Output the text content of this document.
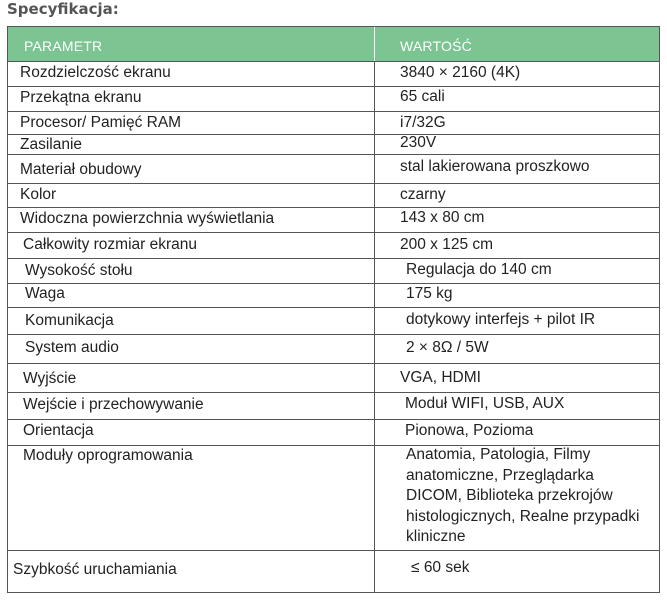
Specyfikacja:
PARAMETR	WARTOŚĆ
Rozdzielczość ekranu	3840 × 2160 (4K)
Przekątna ekranu	65 cali
Procesor/ Pamięć RAM	i7/32G
Zasilanie	230V
Materiał obudowy	stal lakierowana proszkowo
Kolor	czarny
Widoczna powierzchnia wyświetlania	143 x 80 cm
Całkowity rozmiar ekranu	200 x 125 cm
Wysokość stołu	Regulacja do 140 cm
Waga	175 kg
Komunikacja	dotykowy interfejs + pilot IR
System audio	2 × 8Ω / 5W
Wyjście	VGA, HDMI
Wejście i przechowywanie	Moduł WIFI, USB, AUX
Orientacja	Pionowa, Pozioma
Moduły oprogramowania	Anatomia, Patologia, Filmy anatomiczne, Przeglądarka DICOM, Biblioteka przekrojów histologicznych, Realne przypadki kliniczne
Szybkość uruchamiania	≤ 60 sek
